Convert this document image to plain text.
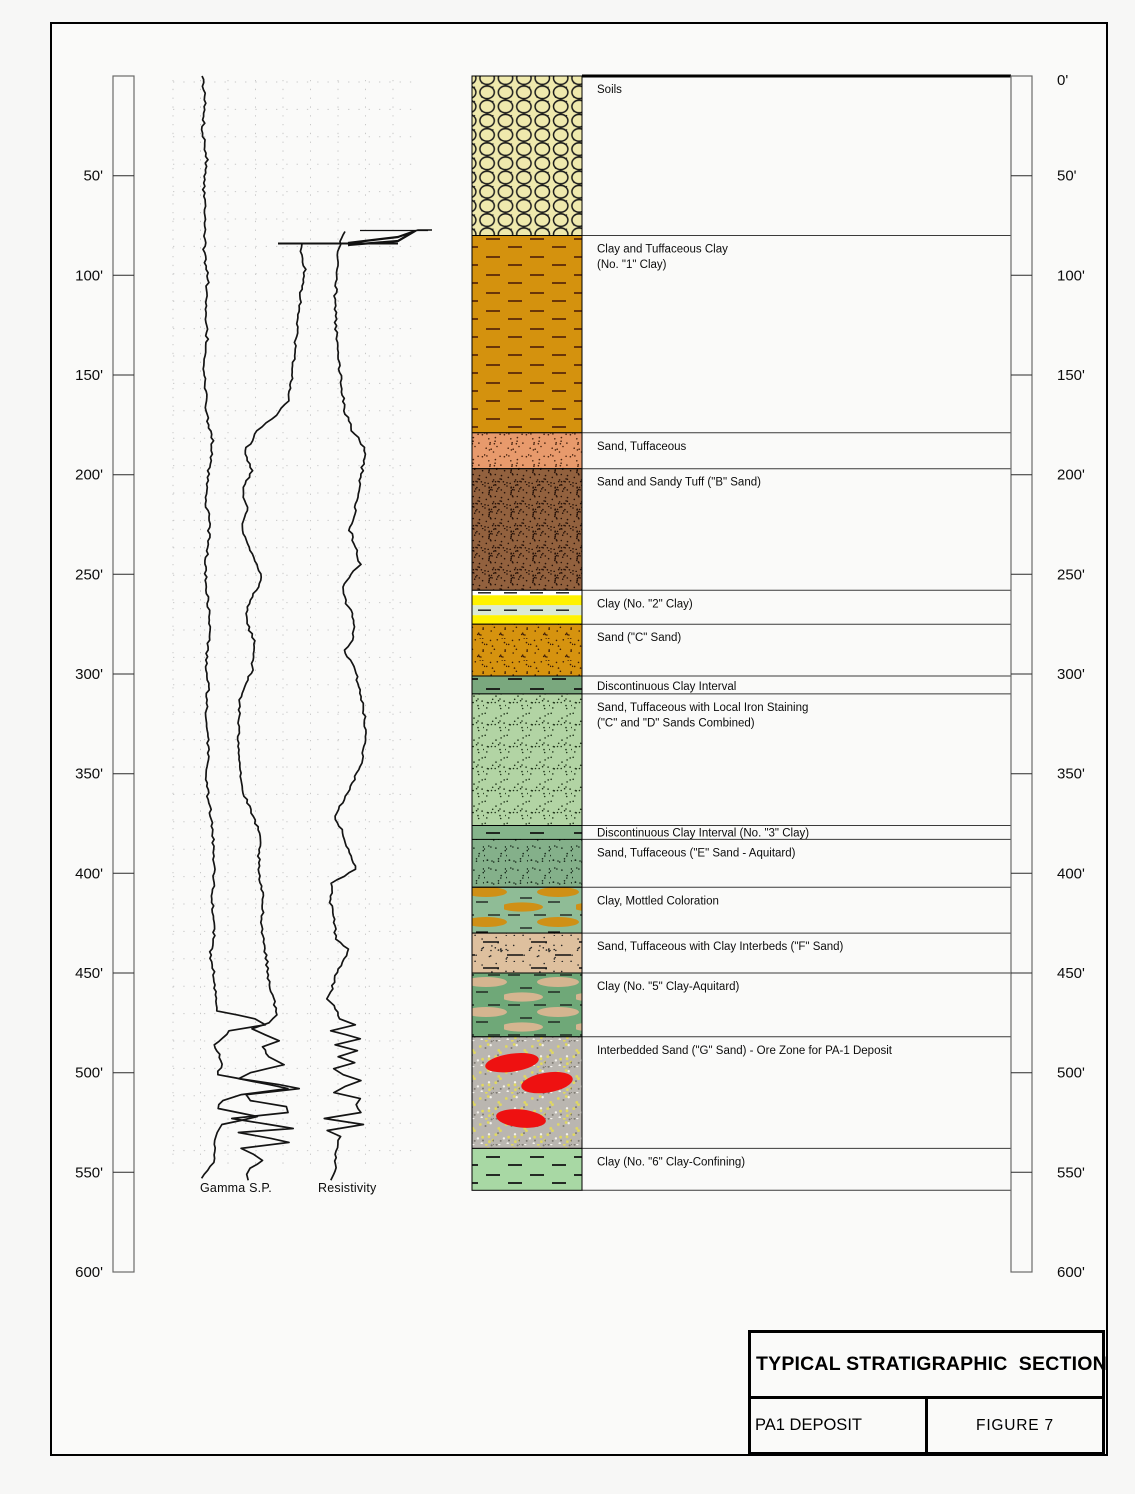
50'
100'
150'
200'
250'
300'
350'
400'
450'
500'
550'
600'
0'
50'
100'
150'
200'
250'
300'
350'
400'
450'
500'
550'
600'
Soils
Clay and Tuffaceous Clay
(No. "1" Clay)
Sand, Tuffaceous
Sand and Sandy Tuff ("B" Sand)
Clay (No. "2" Clay)
Sand ("C" Sand)
Discontinuous Clay Interval
Sand, Tuffaceous with Local Iron Staining
("C" and "D" Sands Combined)
Discontinuous Clay Interval (No. "3" Clay)
Sand, Tuffaceous ("E" Sand - Aquitard)
Clay, Mottled Coloration
Sand, Tuffaceous with Clay Interbeds ("F" Sand)
Clay (No. "5" Clay-Aquitard)
Interbedded Sand ("G" Sand) - Ore Zone for PA-1 Deposit
Clay (No. "6" Clay-Confining)
Gamma S.P.	Resistivity
TYPICAL STRATIGRAPHIC  SECTION
PA1 DEPOSIT	FIGURE 7
